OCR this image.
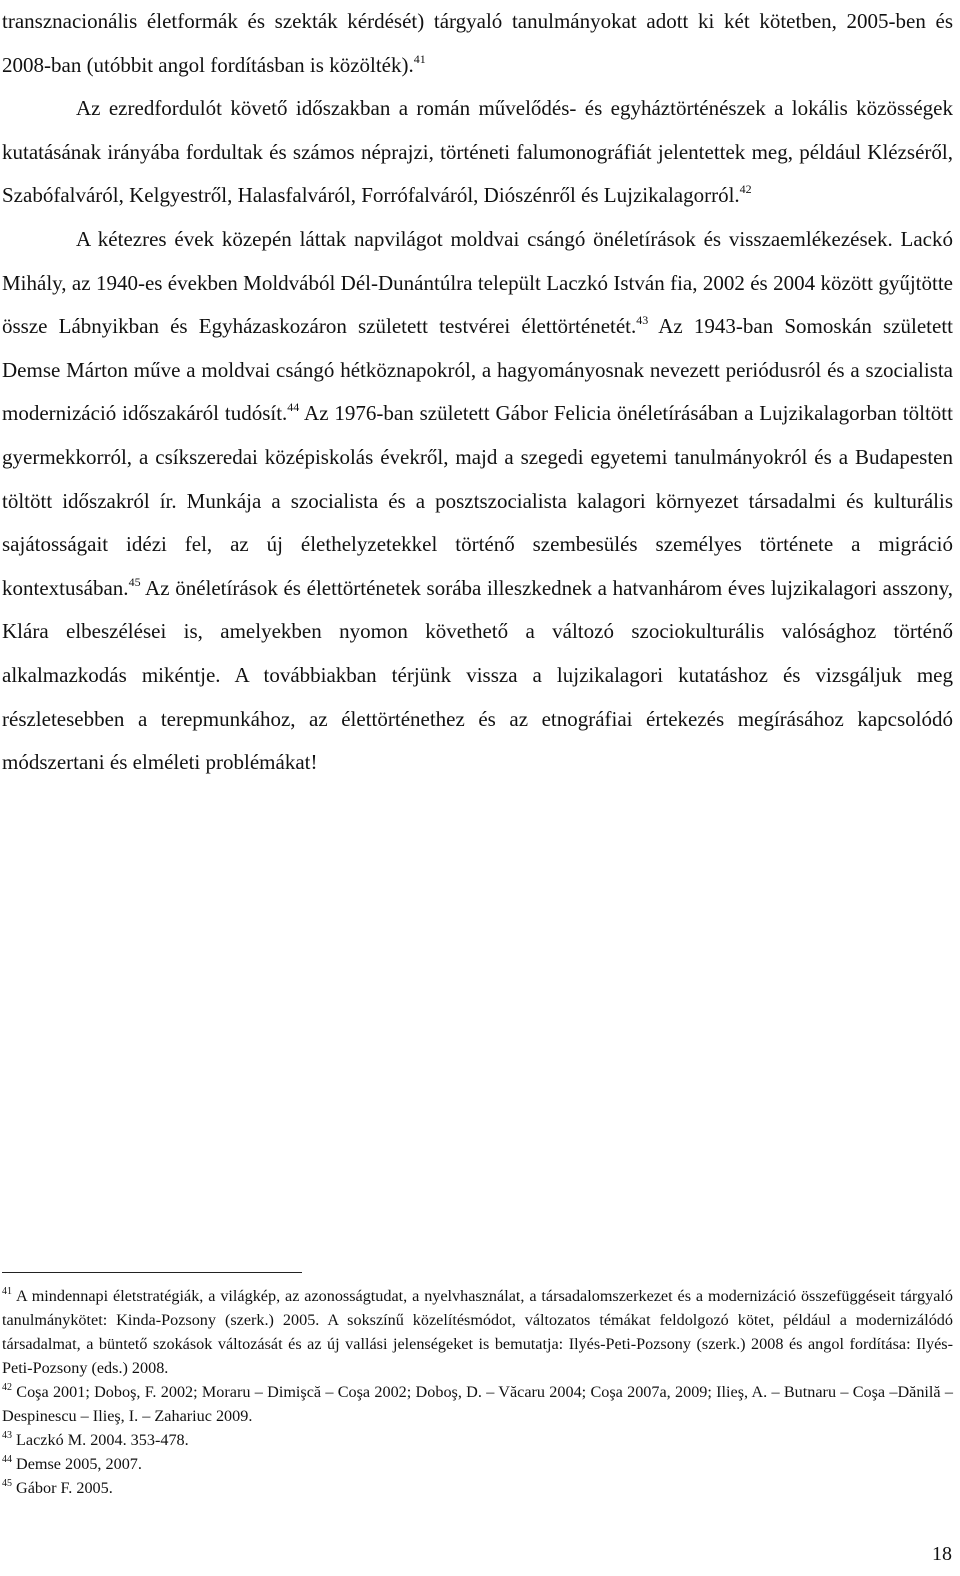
transznacionális életformák és szekták kérdését) tárgyaló tanulmányokat adott ki két kötetben, 2005-ben és 2008-ban (utóbbit angol fordításban is közölték).$^{41}$

Az ezredfordulót követő időszakban a román művelődés- és egyháztörténészek a lokális közösségek kutatásának irányába fordultak és számos néprajzi, történeti falumonográfiát jelentettek meg, például Klézséről, Szabófalváról, Kelgyestről, Halasfalváról, Forrófalváról, Diószénről és Lujzikalagorról.$^{42}$

A kétezres évek közepén láttak napvilágot moldvai csángó önéletírások és visszaemlékezések. Lackó Mihály, az 1940-es években Moldvából Dél-Dunántúlra települt Laczkó István fia, 2002 és 2004 között gyűjtötte össze Lábnyikban és Egyházaskozáron született testvérei élettörténetét.$^{43}$ Az 1943-ban Somoskán született Demse Márton műve a moldvai csángó hétköznapokról, a hagyományosnak nevezett periódusról és a szocialista modernizáció időszakáról tudósít.$^{44}$ Az 1976-ban született Gábor Felicia önéletírásában a Lujzikalagorban töltött gyermekkorról, a csíkszeredai középiskolás évekről, majd a szegedi egyetemi tanulmányokról és a Budapesten töltött időszakról ír. Munkája a szocialista és a posztszocialista kalagori környezet társadalmi és kulturális sajátosságait idézi fel, az új élethelyzetekkel történő szembesülés személyes története a migráció kontextusában.$^{45}$ Az önéletírások és élettörténetek sorába illeszkednek a hatvanhárom éves lujzikalagori asszony, Klára elbeszélései is, amelyekben nyomon követhető a változó szociokulturális valósághoz történő alkalmazkodás mikéntje. A továbbiakban térjünk vissza a lujzikalagori kutatáshoz és vizsgáljuk meg részletesebben a terepmunkához, az élettörténethez és az etnográfiai értekezés megírásához kapcsolódó módszertani és elméleti problémákat!

$^{41}$ A mindennapi életstratégiák, a világkép, az azonosságtudat, a nyelvhasználat, a társadalomszerkezet és a modernizáció összefüggéseit tárgyaló tanulmánykötet: Kinda-Pozsony (szerk.) 2005. A sokszínű közelítésmódot, változatos témákat feldolgozó kötet, például a modernizálódó társadalmat, a büntető szokások változását és az új vallási jelenségeket is bemutatja: Ilyés-Peti-Pozsony (szerk.) 2008 és angol fordítása: Ilyés-Peti-Pozsony (eds.) 2008.

$^{42}$ Coşa 2001; Doboş, F. 2002; Moraru – Dimişcă – Coşa 2002; Doboş, D. – Văcaru 2004; Coşa 2007a, 2009; Ilieş, A. – Butnaru – Coşa –Dănilă –Despinescu – Ilieş, I. – Zahariuc 2009.

$^{43}$ Laczkó M. 2004. 353-478.

$^{44}$ Demse 2005, 2007.

$^{45}$ Gábor F. 2005.

18
